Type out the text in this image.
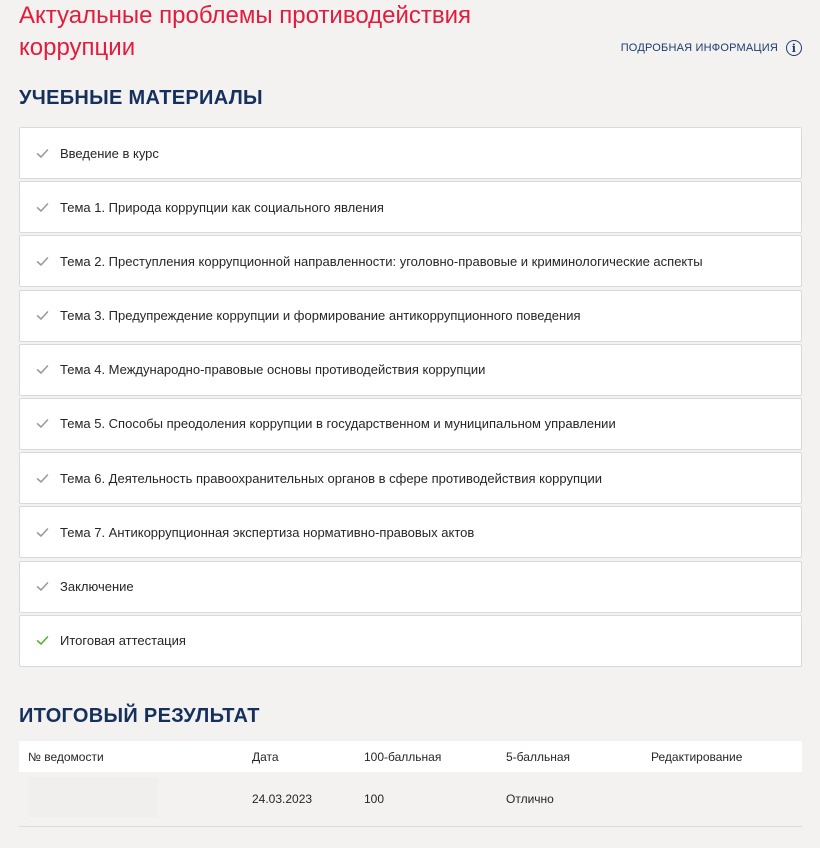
Актуальные проблемы противодействия коррупции	ПОДРОБНАЯ ИНФОРМАЦИЯ	i
УЧЕБНЫЕ МАТЕРИАЛЫ
Введение в курс
Тема 1. Природа коррупции как социального явления
Тема 2. Преступления коррупционной направленности: уголовно-правовые и криминологические аспекты
Тема 3. Предупреждение коррупции и формирование антикоррупционного поведения
Тема 4. Международно-правовые основы противодействия коррупции
Тема 5. Способы преодоления коррупции в государственном и муниципальном управлении
Тема 6. Деятельность правоохранительных органов в сфере противодействия коррупции
Тема 7. Антикоррупционная экспертиза нормативно-правовых актов
Заключение
Итоговая аттестация
ИТОГОВЫЙ РЕЗУЛЬТАТ
№ ведомости	Дата	100-балльная	5-балльная	Редактирование
	24.03.2023	100	Отлично	
